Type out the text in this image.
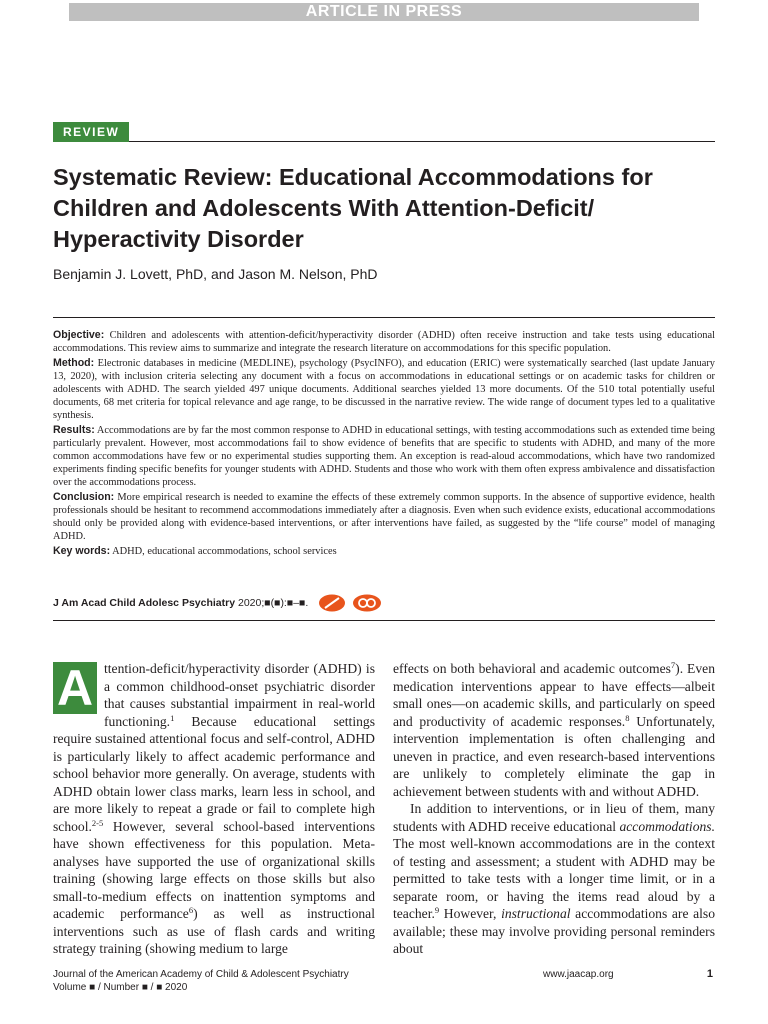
ARTICLE IN PRESS
REVIEW
Systematic Review: Educational Accommodations for Children and Adolescents With Attention-Deficit/ Hyperactivity Disorder
Benjamin J. Lovett, PhD, and Jason M. Nelson, PhD

Objective: Children and adolescents with attention-deficit/hyperactivity disorder (ADHD) often receive instruction and take tests using educational accommodations. This review aims to summarize and integrate the research literature on accommodations for this specific population.

Method: Electronic databases in medicine (MEDLINE), psychology (PsycINFO), and education (ERIC) were systematically searched (last update January 13, 2020), with inclusion criteria selecting any document with a focus on accommodations in educational settings or on academic tasks for children or adolescents with ADHD. The search yielded 497 unique documents. Additional searches yielded 13 more documents. Of the 510 total potentially useful documents, 68 met criteria for topical relevance and age range, to be discussed in the narrative review. The wide range of document types led to a qualitative synthesis.

Results: Accommodations are by far the most common response to ADHD in educational settings, with testing accommodations such as extended time being particularly prevalent. However, most accommodations fail to show evidence of benefits that are specific to students with ADHD, and many of the more common accommodations have few or no experimental studies supporting them. An exception is read-aloud accommodations, which have two randomized experiments finding specific benefits for younger students with ADHD. Students and those who work with them often express ambivalence and dissatisfaction over the accommodations process.

Conclusion: More empirical research is needed to examine the effects of these extremely common supports. In the absence of supportive evidence, health professionals should be hesitant to recommend accommodations immediately after a diagnosis. Even when such evidence exists, educational accommodations should only be provided along with evidence-based interventions, or after interventions have failed, as suggested by the “life course” model of managing ADHD.

Key words: ADHD, educational accommodations, school services

J Am Acad Child Adolesc Psychiatry
2020;■(■):■–■.

A ttention-deficit/hyperactivity disorder (ADHD) is a common childhood-onset psychiatric disorder that causes substantial impairment in real-world functioning.$^1$ Because educational settings require sustained attentional focus and self-control, ADHD is particularly likely to affect academic performance and school behavior more generally. On average, students with ADHD obtain lower class marks, learn less in school, and are more likely to repeat a grade or fail to complete high school.$^{2-5}$ However, several school-based interventions have shown effectiveness for this population. Meta-analyses have supported the use of organizational skills training (showing large effects on those skills but also small-to-medium effects on inattention symptoms and academic performance$^6$) as well as instructional interventions such as use of flash cards and writing strategy training (showing medium to large

effects on both behavioral and academic outcomes$^7$). Even medication interventions appear to have effects—albeit small ones—on academic skills, and particularly on speed and productivity of academic responses.$^8$ Unfortunately, intervention implementation is often challenging and uneven in practice, and even research-based interventions are unlikely to completely eliminate the gap in achievement between students with and without ADHD.

In addition to interventions, or in lieu of them, many students with ADHD receive educational accommodations. The most well-known accommodations are in the context of testing and assessment; a student with ADHD may be permitted to take tests with a longer time limit, or in a separate room, or having the items read aloud by a teacher.$^9$ However, instructional accommodations are also available; these may involve providing personal reminders about

Journal of the American Academy of Child & Adolescent Psychiatry
Volume ■ / Number ■ / ■ 2020
www.jaacap.org	1
